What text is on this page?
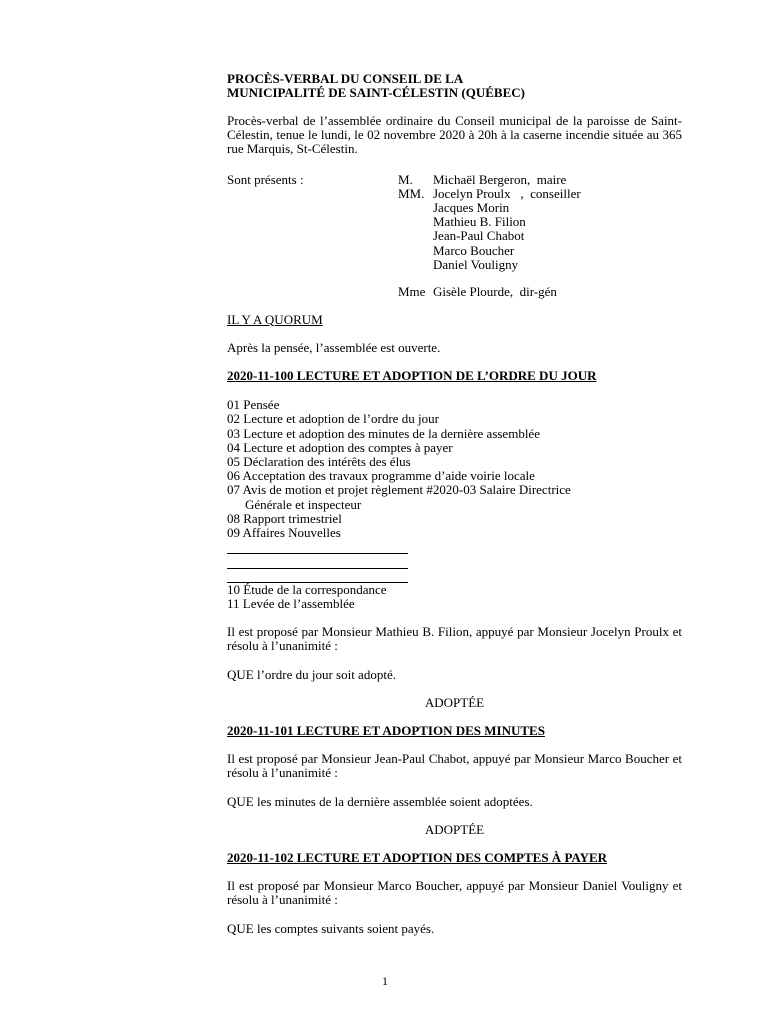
PROCÈS-VERBAL DU CONSEIL DE LA
MUNICIPALITÉ DE SAINT-CÉLESTIN (QUÉBEC)

Procès-verbal de l’assemblée ordinaire du Conseil municipal de la paroisse de Saint-Célestin, tenue le lundi, le 02 novembre 2020 à 20h à la caserne incendie située au 365 rue Marquis, St-Célestin.

Sont présents :	M.
MM.
Michaël Bergeron,  maire
Jocelyn Proulx   ,  conseiller
Jacques Morin
Mathieu B. Filion
Jean-Paul Chabot
Marco Boucher
Daniel Vouligny

Mme

Gisèle Plourde,  dir-gén

IL Y A QUORUM

Après la pensée, l’assemblée est ouverte.

2020-11-100 LECTURE ET ADOPTION DE L’ORDRE DU JOUR

01 Pensée
02 Lecture et adoption de l’ordre du jour
03 Lecture et adoption des minutes de la dernière assemblée
04 Lecture et adoption des comptes à payer
05 Déclaration des intérêts des élus
06 Acceptation des travaux programme d’aide voirie locale
07 Avis de motion et projet règlement #2020-03 Salaire Directrice
Générale et inspecteur
08 Rapport trimestriel
09 Affaires Nouvelles
10 Étude de la correspondance
11 Levée de l’assemblée

Il est proposé par Monsieur Mathieu B. Filion, appuyé par Monsieur Jocelyn Proulx et résolu à l’unanimité :

QUE l’ordre du jour soit adopté.

ADOPTÉE

2020-11-101 LECTURE ET ADOPTION DES MINUTES

Il est proposé par Monsieur Jean-Paul Chabot, appuyé par Monsieur Marco Boucher et résolu à l’unanimité :

QUE les minutes de la dernière assemblée soient adoptées.

ADOPTÉE

2020-11-102 LECTURE ET ADOPTION DES COMPTES À PAYER

Il est proposé par Monsieur Marco Boucher, appuyé par Monsieur Daniel Vouligny et résolu à l’unanimité :

QUE les comptes suivants soient payés.

1
